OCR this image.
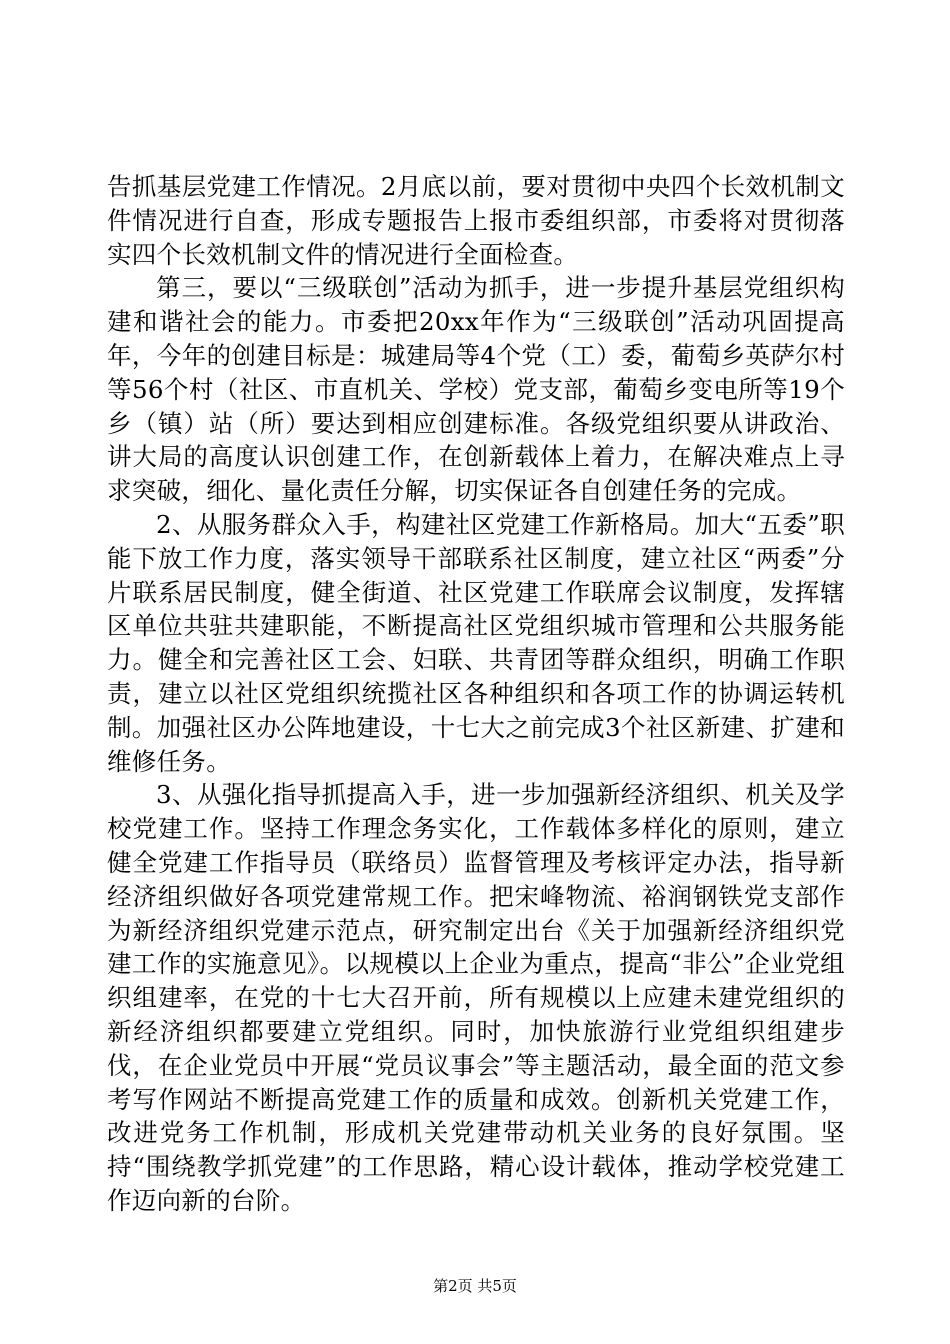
告抓基层党建工作情况。2月底以前，要对贯彻中央四个长效机制文件情况进行自查，形成专题报告上报市委组织部，市委将对贯彻落实四个长效机制文件的情况进行全面检查。

第三，要以“三级联创”活动为抓手，进一步提升基层党组织构建和谐社会的能力。市委把20xx年作为“三级联创”活动巩固提高年，今年的创建目标是：城建局等4个党（工）委，葡萄乡英萨尔村等56个村（社区、市直机关、学校）党支部，葡萄乡变电所等19个乡（镇）站（所）要达到相应创建标准。各级党组织要从讲政治、讲大局的高度认识创建工作，在创新载体上着力，在解决难点上寻求突破，细化、量化责任分解，切实保证各自创建任务的完成。

2、从服务群众入手，构建社区党建工作新格局。加大“五委”职能下放工作力度，落实领导干部联系社区制度，建立社区“两委”分片联系居民制度，健全街道、社区党建工作联席会议制度，发挥辖区单位共驻共建职能，不断提高社区党组织城市管理和公共服务能力。健全和完善社区工会、妇联、共青团等群众组织，明确工作职责，建立以社区党组织统揽社区各种组织和各项工作的协调运转机制。加强社区办公阵地建设，十七大之前完成3个社区新建、扩建和维修任务。

3、从强化指导抓提高入手，进一步加强新经济组织、机关及学校党建工作。坚持工作理念务实化，工作载体多样化的原则，建立健全党建工作指导员（联络员）监督管理及考核评定办法，指导新经济组织做好各项党建常规工作。把宋峰物流、裕润钢铁党支部作为新经济组织党建示范点，研究制定出台《关于加强新经济组织党建工作的实施意见》。以规模以上企业为重点，提高“非公”企业党组织组建率，在党的十七大召开前，所有规模以上应建未建党组织的新经济组织都要建立党组织。同时，加快旅游行业党组织组建步伐，在企业党员中开展“党员议事会”等主题活动，最全面的范文参考写作网站不断提高党建工作的质量和成效。创新机关党建工作，改进党务工作机制，形成机关党建带动机关业务的良好氛围。坚持“围绕教学抓党建”的工作思路，精心设计载体，推动学校党建工作迈向新的台阶。

第2页 共5页
